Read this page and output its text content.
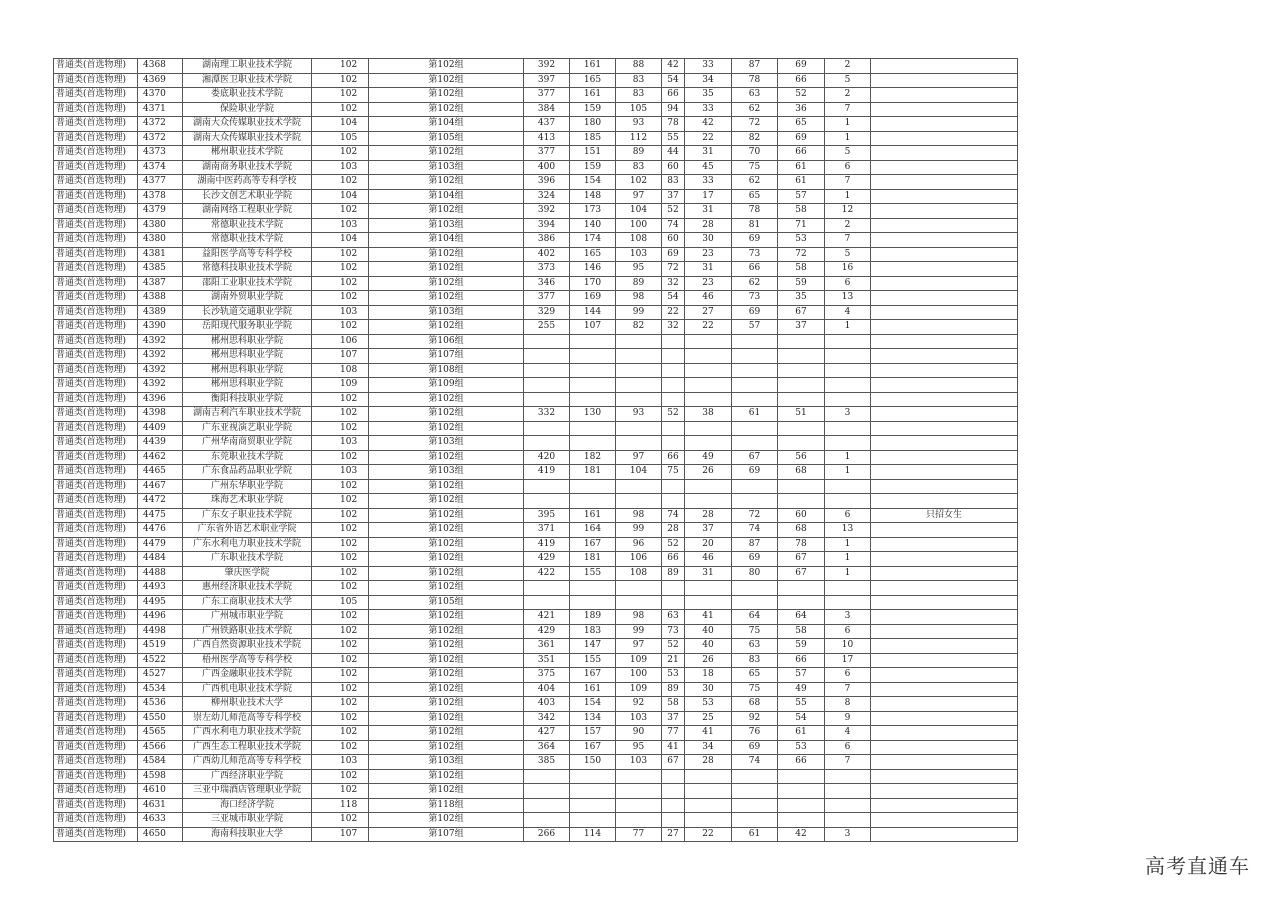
普通类(首选物理)	4368	湖南理工职业技术学院	102	第102组	392	161	88	42	33	87	69	2	
普通类(首选物理)	4369	湘潭医卫职业技术学院	102	第102组	397	165	83	54	34	78	66	5	
普通类(首选物理)	4370	娄底职业技术学院	102	第102组	377	161	83	66	35	63	52	2	
普通类(首选物理)	4371	保险职业学院	102	第102组	384	159	105	94	33	62	36	7	
普通类(首选物理)	4372	湖南大众传媒职业技术学院	104	第104组	437	180	93	78	42	72	65	1	
普通类(首选物理)	4372	湖南大众传媒职业技术学院	105	第105组	413	185	112	55	22	82	69	1	
普通类(首选物理)	4373	郴州职业技术学院	102	第102组	377	151	89	44	31	70	66	5	
普通类(首选物理)	4374	湖南商务职业技术学院	103	第103组	400	159	83	60	45	75	61	6	
普通类(首选物理)	4377	湖南中医药高等专科学校	102	第102组	396	154	102	83	33	62	61	7	
普通类(首选物理)	4378	长沙文创艺术职业学院	104	第104组	324	148	97	37	17	65	57	1	
普通类(首选物理)	4379	湖南网络工程职业学院	102	第102组	392	173	104	52	31	78	58	12	
普通类(首选物理)	4380	常德职业技术学院	103	第103组	394	140	100	74	28	81	71	2	
普通类(首选物理)	4380	常德职业技术学院	104	第104组	386	174	108	60	30	69	53	7	
普通类(首选物理)	4381	益阳医学高等专科学校	102	第102组	402	165	103	69	23	73	72	5	
普通类(首选物理)	4385	常德科技职业技术学院	102	第102组	373	146	95	72	31	66	58	16	
普通类(首选物理)	4387	邵阳工业职业技术学院	102	第102组	346	170	89	32	23	62	59	6	
普通类(首选物理)	4388	湖南外贸职业学院	102	第102组	377	169	98	54	46	73	35	13	
普通类(首选物理)	4389	长沙轨道交通职业学院	103	第103组	329	144	99	22	27	69	67	4	
普通类(首选物理)	4390	岳阳现代服务职业学院	102	第102组	255	107	82	32	22	57	37	1	
普通类(首选物理)	4392	郴州思科职业学院	106	第106组									
普通类(首选物理)	4392	郴州思科职业学院	107	第107组									
普通类(首选物理)	4392	郴州思科职业学院	108	第108组									
普通类(首选物理)	4392	郴州思科职业学院	109	第109组									
普通类(首选物理)	4396	衡阳科技职业学院	102	第102组									
普通类(首选物理)	4398	湖南吉利汽车职业技术学院	102	第102组	332	130	93	52	38	61	51	3	
普通类(首选物理)	4409	广东亚视演艺职业学院	102	第102组									
普通类(首选物理)	4439	广州华南商贸职业学院	103	第103组									
普通类(首选物理)	4462	东莞职业技术学院	102	第102组	420	182	97	66	49	67	56	1	
普通类(首选物理)	4465	广东食品药品职业学院	103	第103组	419	181	104	75	26	69	68	1	
普通类(首选物理)	4467	广州东华职业学院	102	第102组									
普通类(首选物理)	4472	珠海艺术职业学院	102	第102组									
普通类(首选物理)	4475	广东女子职业技术学院	102	第102组	395	161	98	74	28	72	60	6	只招女生
普通类(首选物理)	4476	广东省外语艺术职业学院	102	第102组	371	164	99	28	37	74	68	13	
普通类(首选物理)	4479	广东水利电力职业技术学院	102	第102组	419	167	96	52	20	87	78	1	
普通类(首选物理)	4484	广东职业技术学院	102	第102组	429	181	106	66	46	69	67	1	
普通类(首选物理)	4488	肇庆医学院	102	第102组	422	155	108	89	31	80	67	1	
普通类(首选物理)	4493	惠州经济职业技术学院	102	第102组									
普通类(首选物理)	4495	广东工商职业技术大学	105	第105组									
普通类(首选物理)	4496	广州城市职业学院	102	第102组	421	189	98	63	41	64	64	3	
普通类(首选物理)	4498	广州铁路职业技术学院	102	第102组	429	183	99	73	40	75	58	6	
普通类(首选物理)	4519	广西自然资源职业技术学院	102	第102组	361	147	97	52	40	63	59	10	
普通类(首选物理)	4522	梧州医学高等专科学校	102	第102组	351	155	109	21	26	83	66	17	
普通类(首选物理)	4527	广西金融职业技术学院	102	第102组	375	167	100	53	18	65	57	6	
普通类(首选物理)	4534	广西机电职业技术学院	102	第102组	404	161	109	89	30	75	49	7	
普通类(首选物理)	4536	柳州职业技术大学	102	第102组	403	154	92	58	53	68	55	8	
普通类(首选物理)	4550	崇左幼儿师范高等专科学校	102	第102组	342	134	103	37	25	92	54	9	
普通类(首选物理)	4565	广西水利电力职业技术学院	102	第102组	427	157	90	77	41	76	61	4	
普通类(首选物理)	4566	广西生态工程职业技术学院	102	第102组	364	167	95	41	34	69	53	6	
普通类(首选物理)	4584	广西幼儿师范高等专科学校	103	第103组	385	150	103	67	28	74	66	7	
普通类(首选物理)	4598	广西经济职业学院	102	第102组									
普通类(首选物理)	4610	三亚中瑞酒店管理职业学院	102	第102组									
普通类(首选物理)	4631	海口经济学院	118	第118组									
普通类(首选物理)	4633	三亚城市职业学院	102	第102组									
普通类(首选物理)	4650	海南科技职业大学	107	第107组	266	114	77	27	22	61	42	3	
高考直通车
